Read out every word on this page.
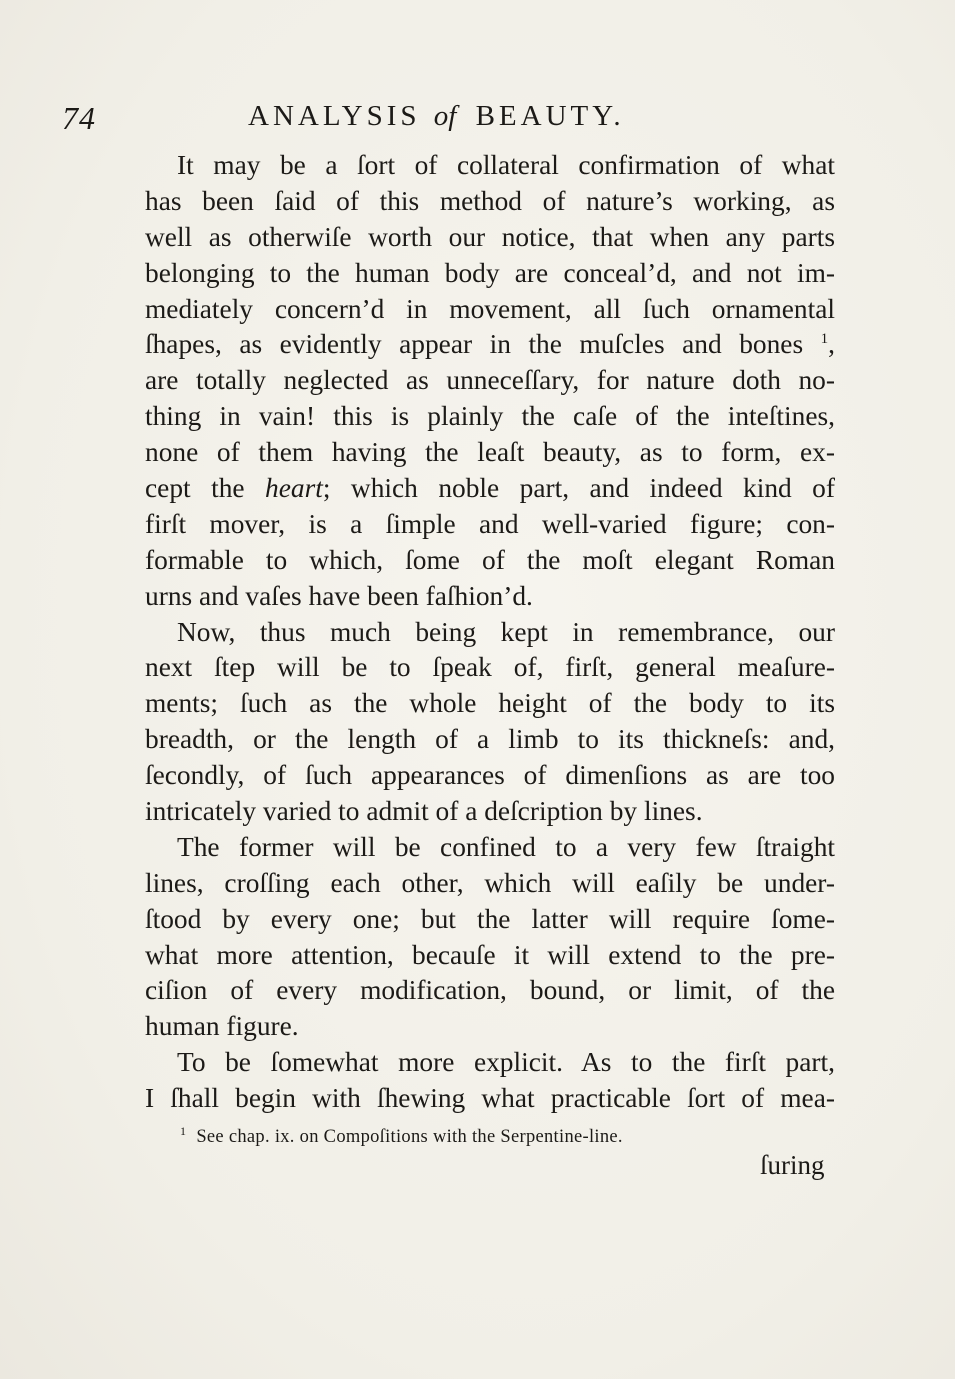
74	ANALYSIS of BEAUTY.
It may be a ſort of collateral confirmation of what
has been ſaid of this method of nature’s working, as
well as otherwiſe worth our notice, that when any parts
belonging to the human body are conceal’d, and not im-
mediately concern’d in movement, all ſuch ornamental
ſhapes, as evidently appear in the muſcles and bones $^1$,
are totally neglected as unneceſſary, for nature doth no-
thing in vain! this is plainly the caſe of the inteſtines,
none of them having the leaſt beauty, as to form, ex-
cept the heart; which noble part, and indeed kind of
firſt mover, is a ſimple and well-varied figure; con-
formable to which, ſome of the moſt elegant Roman
urns and vaſes have been faſhion’d.
Now, thus much being kept in remembrance, our
next ſtep will be to ſpeak of, firſt, general meaſure-
ments; ſuch as the whole height of the body to its
breadth, or the length of a limb to its thickneſs: and,
ſecondly, of ſuch appearances of dimenſions as are too
intricately varied to admit of a deſcription by lines.
The former will be confined to a very few ſtraight
lines, croſſing each other, which will eaſily be under-
ſtood by every one; but the latter will require ſome-
what more attention, becauſe it will extend to the pre-
ciſion of every modification, bound, or limit, of the
human figure.
To be ſomewhat more explicit. As to the firſt part,
I ſhall begin with ſhewing what practicable ſort of mea-
$^1$ See chap. ix. on Compoſitions with the Serpentine-line.
ſuring
